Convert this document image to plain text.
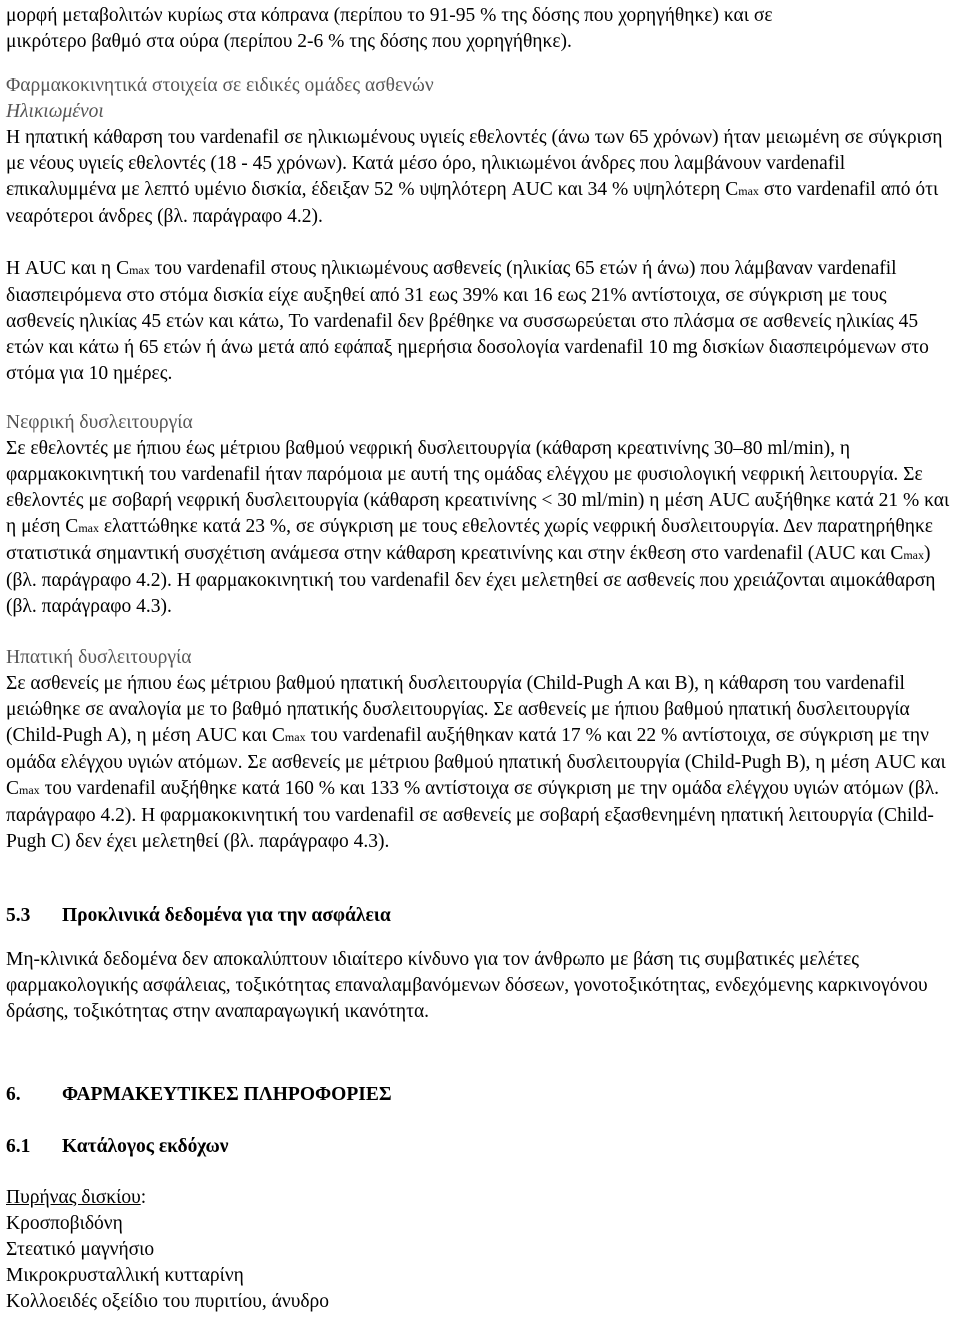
μορφή μεταβολιτών κυρίως στα κόπρανα (περίπου το 91-95 % της δόσης που χορηγήθηκε) και σε

μικρότερο βαθμό στα ούρα (περίπου 2-6 % της δόσης που χορηγήθηκε).

Φαρμακοκινητικά στοιχεία σε ειδικές ομάδες ασθενών

Ηλικιωμένοι

Η ηπατική κάθαρση του vardenafil σε ηλικιωμένους υγιείς εθελοντές (άνω των 65 χρόνων) ήταν μειωμένη σε σύγκριση με νέους υγιείς εθελοντές (18 - 45 χρόνων). Κατά μέσο όρο, ηλικιωμένοι άνδρες που λαμβάνουν vardenafil επικαλυμμένα με λεπτό υμένιο δισκία, έδειξαν 52 % υψηλότερη AUC και 34 % υψηλότερη Cmax στο vardenafil από ότι νεαρότεροι άνδρες (βλ. παράγραφο 4.2).

Η AUC και η Cmax του vardenafil στους ηλικιωμένους ασθενείς (ηλικίας 65 ετών ή άνω) που λάμβαναν vardenafil διασπειρόμενα στο στόμα δισκία είχε αυξηθεί από 31 εως 39% και 16 εως 21% αντίστοιχα, σε σύγκριση με τους ασθενείς ηλικίας 45 ετών και κάτω, Το vardenafil δεν βρέθηκε να συσσωρεύεται στο πλάσμα σε ασθενείς ηλικίας 45 ετών και κάτω ή 65 ετών ή άνω μετά από εφάπαξ ημερήσια δοσολογία vardenafil 10 mg δισκίων διασπειρόμενων στο στόμα για 10 ημέρες.

Νεφρική δυσλειτουργία

Σε εθελοντές με ήπιου έως μέτριου βαθμού νεφρική δυσλειτουργία (κάθαρση κρεατινίνης 30–80 ml/min), η φαρμακοκινητική του vardenafil ήταν παρόμοια με αυτή της ομάδας ελέγχου με φυσιολογική νεφρική λειτουργία. Σε εθελοντές με σοβαρή νεφρική δυσλειτουργία (κάθαρση κρεατινίνης < 30 ml/min) η μέση AUC αυξήθηκε κατά 21 % και η μέση Cmax ελαττώθηκε κατά 23 %, σε σύγκριση με τους εθελοντές χωρίς νεφρική δυσλειτουργία. Δεν παρατηρήθηκε στατιστικά σημαντική συσχέτιση ανάμεσα στην κάθαρση κρεατινίνης και στην έκθεση στο vardenafil (AUC και Cmax) (βλ. παράγραφο 4.2). Η φαρμακοκινητική του vardenafil δεν έχει μελετηθεί σε ασθενείς που χρειάζονται αιμοκάθαρση (βλ. παράγραφο 4.3).

Ηπατική δυσλειτουργία

Σε ασθενείς με ήπιου έως μέτριου βαθμού ηπατική δυσλειτουργία (Child-Pugh A και B), η κάθαρση του vardenafil μειώθηκε σε αναλογία με το βαθμό ηπατικής δυσλειτουργίας. Σε ασθενείς με ήπιου βαθμού ηπατική δυσλειτουργία (Child-Pugh A), η μέση AUC και Cmax του vardenafil αυξήθηκαν κατά 17 % και 22 % αντίστοιχα, σε σύγκριση με την ομάδα ελέγχου υγιών ατόμων. Σε ασθενείς με μέτριου βαθμού ηπατική δυσλειτουργία (Child-Pugh B), η μέση AUC και Cmax του vardenafil αυξήθηκε κατά 160 % και 133 % αντίστοιχα σε σύγκριση με την ομάδα ελέγχου υγιών ατόμων (βλ. παράγραφο 4.2). Η φαρμακοκινητική του vardenafil σε ασθενείς με σοβαρή εξασθενημένη ηπατική λειτουργία (Child-Pugh C) δεν έχει μελετηθεί (βλ. παράγραφο 4.3).

5.3 Προκλινικά δεδομένα για την ασφάλεια

Μη-κλινικά δεδομένα δεν αποκαλύπτουν ιδιαίτερο κίνδυνο για τον άνθρωπο με βάση τις συμβατικές μελέτες φαρμακολογικής ασφάλειας, τοξικότητας επαναλαμβανόμενων δόσεων, γονοτοξικότητας, ενδεχόμενης καρκινογόνου δράσης, τοξικότητας στην αναπαραγωγική ικανότητα.

6. ΦΑΡΜΑΚΕΥΤΙΚΕΣ ΠΛΗΡΟΦΟΡΙΕΣ

6.1 Κατάλογος εκδόχων

Πυρήνας δισκίου:

Κροσποβιδόνη

Στεατικό μαγνήσιο

Μικροκρυσταλλική κυτταρίνη

Κολλοειδές οξείδιο του πυριτίου, άνυδρο
